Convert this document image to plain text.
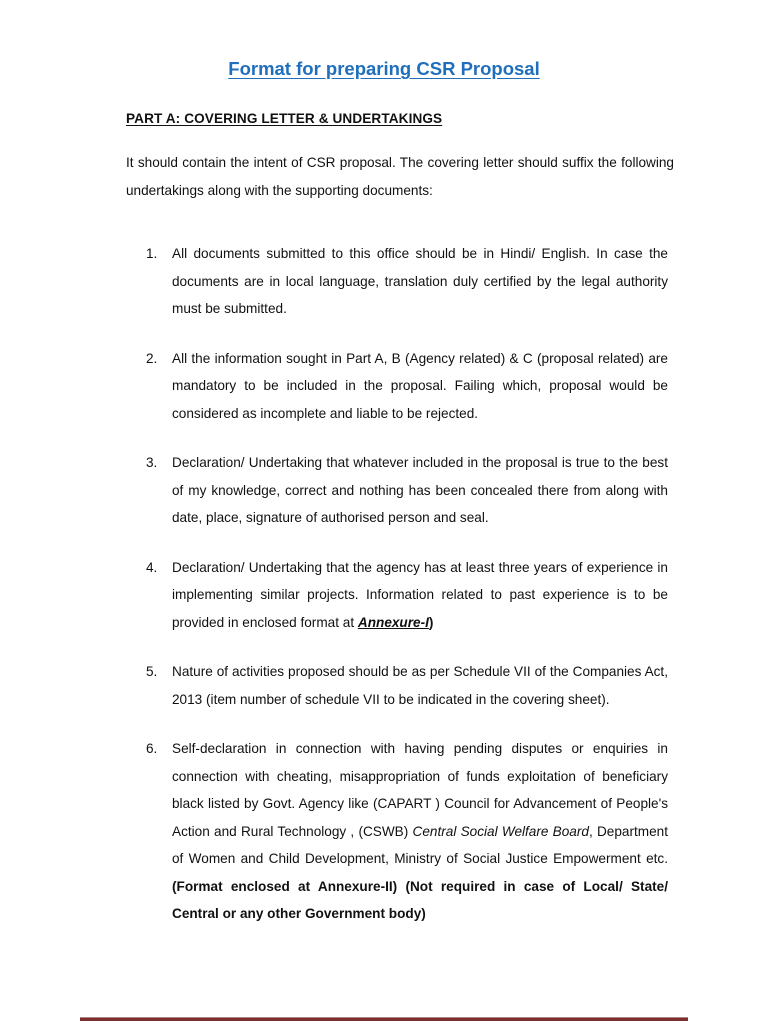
Format for preparing CSR Proposal
PART A: COVERING LETTER & UNDERTAKINGS

It should contain the intent of CSR proposal. The covering letter should suffix the following undertakings along with the supporting documents:

1. All documents submitted to this office should be in Hindi/ English. In case the documents are in local language, translation duly certified by the legal authority must be submitted.
2. All the information sought in Part A, B (Agency related) & C (proposal related) are mandatory to be included in the proposal. Failing which, proposal would be considered as incomplete and liable to be rejected.
3. Declaration/ Undertaking that whatever included in the proposal is true to the best of my knowledge, correct and nothing has been concealed there from along with date, place, signature of authorised person and seal.
4. Declaration/ Undertaking that the agency has at least three years of experience in implementing similar projects. Information related to past experience is to be provided in enclosed format at Annexure-I)
5. Nature of activities proposed should be as per Schedule VII of the Companies Act, 2013 (item number of schedule VII to be indicated in the covering sheet).
6. Self-declaration in connection with having pending disputes or enquiries in connection with cheating, misappropriation of funds exploitation of beneficiary black listed by Govt. Agency like (CAPART ) Council for Advancement of People's Action and Rural Technology , (CSWB) Central Social Welfare Board, Department of Women and Child Development, Ministry of Social Justice Empowerment etc. (Format enclosed at Annexure-II) (Not required in case of Local/ State/ Central or any other Government body)
